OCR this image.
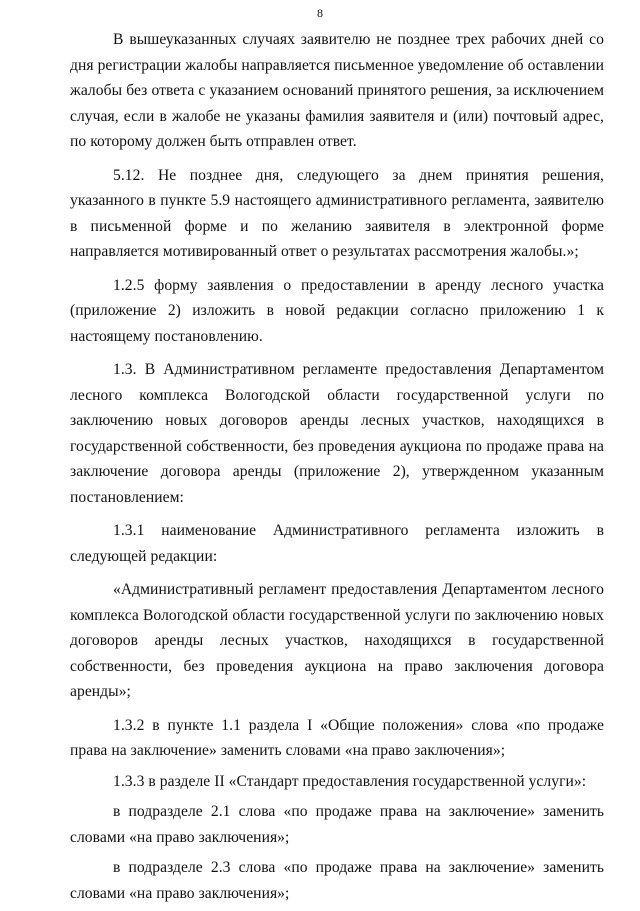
8

В вышеуказанных случаях заявителю не позднее трех рабочих дней со дня регистрации жалобы направляется письменное уведомление об оставлении жалобы без ответа с указанием оснований принятого решения, за исключением случая, если в жалобе не указаны фамилия заявителя и (или) почтовый адрес, по которому должен быть отправлен ответ.

5.12. Не позднее дня, следующего за днем принятия решения, указанного в пункте 5.9 настоящего административного регламента, заявителю в письменной форме и по желанию заявителя в электронной форме направляется мотивированный ответ о результатах рассмотрения жалобы.»;

1.2.5 форму заявления о предоставлении в аренду лесного участка (приложение 2) изложить в новой редакции согласно приложению 1 к настоящему постановлению.

1.3. В Административном регламенте предоставления Департаментом лесного комплекса Вологодской области государственной услуги по заключению новых договоров аренды лесных участков, находящихся в государственной собственности, без проведения аукциона по продаже права на заключение договора аренды (приложение 2), утвержденном указанным постановлением:

1.3.1 наименование Административного регламента изложить в следующей редакции:

«Административный регламент предоставления Департаментом лесного комплекса Вологодской области государственной услуги по заключению новых договоров аренды лесных участков, находящихся в государственной собственности, без проведения аукциона на право заключения договора аренды»;

1.3.2 в пункте 1.1 раздела I «Общие положения» слова «по продаже права на заключение» заменить словами «на право заключения»;

1.3.3 в разделе II «Стандарт предоставления государственной услуги»:

в подразделе 2.1 слова «по продаже права на заключение» заменить словами «на право заключения»;

в подразделе 2.3 слова «по продаже права на заключение» заменить словами «на право заключения»;
